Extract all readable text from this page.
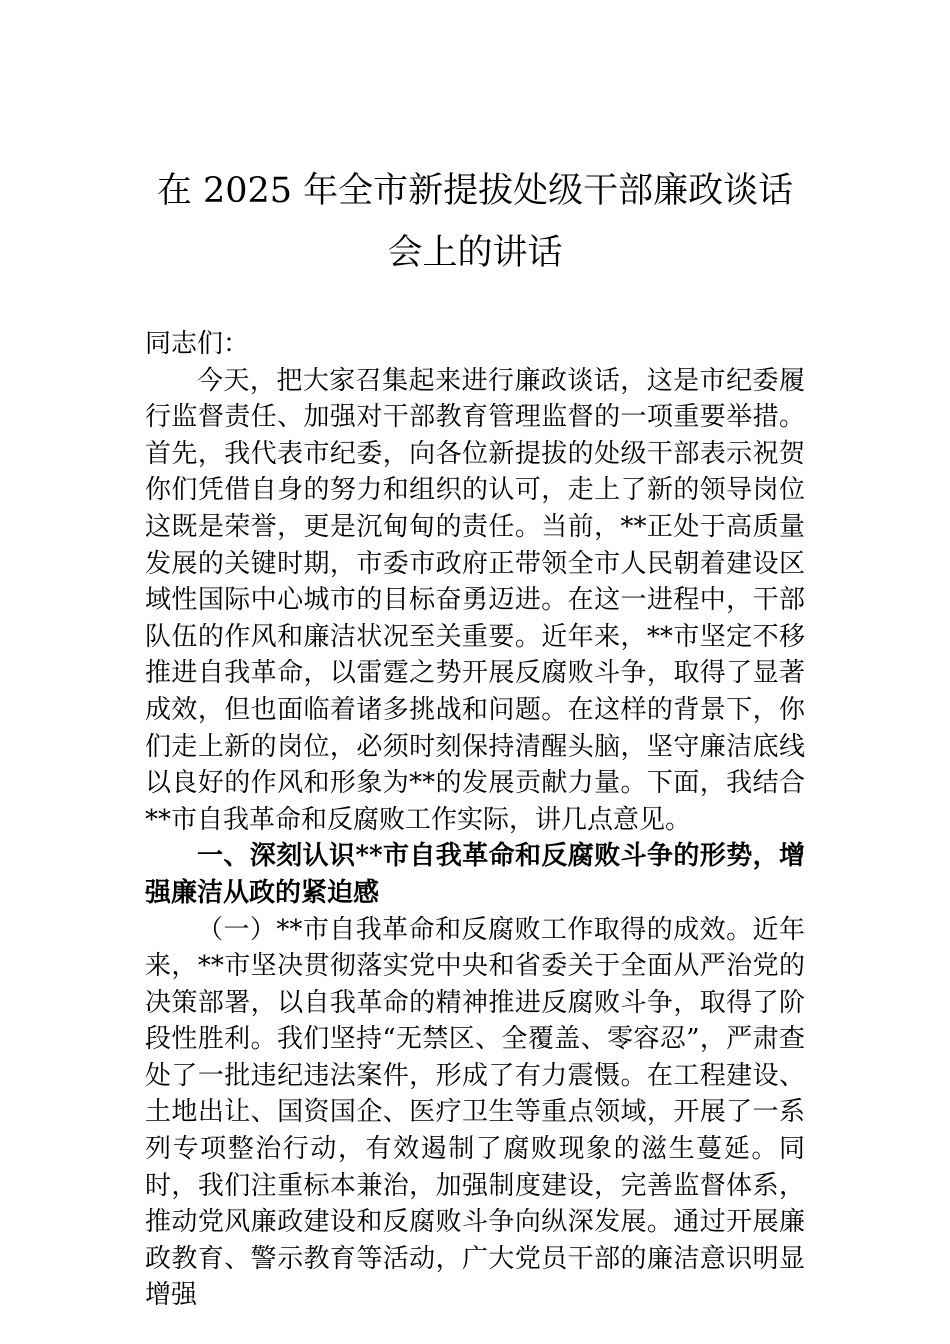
在 2025 年全市新提拔处级干部廉政谈话会上的讲话

同志们：

今天，把大家召集起来进行廉政谈话，这是市纪委履行监督责任、加强对干部教育管理监督的一项重要举措。首先，我代表市纪委，向各位新提拔的处级干部表示祝贺你们凭借自身的努力和组织的认可，走上了新的领导岗位这既是荣誉，更是沉甸甸的责任。当前，**正处于高质量发展的关键时期，市委市政府正带领全市人民朝着建设区域性国际中心城市的目标奋勇迈进。在这一进程中，干部队伍的作风和廉洁状况至关重要。近年来，**市坚定不移推进自我革命，以雷霆之势开展反腐败斗争，取得了显著成效，但也面临着诸多挑战和问题。在这样的背景下，你们走上新的岗位，必须时刻保持清醒头脑，坚守廉洁底线以良好的作风和形象为**的发展贡献力量。下面，我结合**市自我革命和反腐败工作实际，讲几点意见。

一、深刻认识**市自我革命和反腐败斗争的形势，增强廉洁从政的紧迫感

（一）**市自我革命和反腐败工作取得的成效。近年来，**市坚决贯彻落实党中央和省委关于全面从严治党的决策部署，以自我革命的精神推进反腐败斗争，取得了阶段性胜利。我们坚持“无禁区、全覆盖、零容忍”，严肃查处了一批违纪违法案件，形成了有力震慑。在工程建设、土地出让、国资国企、医疗卫生等重点领域，开展了一系列专项整治行动，有效遏制了腐败现象的滋生蔓延。同时，我们注重标本兼治，加强制度建设，完善监督体系，推动党风廉政建设和反腐败斗争向纵深发展。通过开展廉政教育、警示教育等活动，广大党员干部的廉洁意识明显增强
